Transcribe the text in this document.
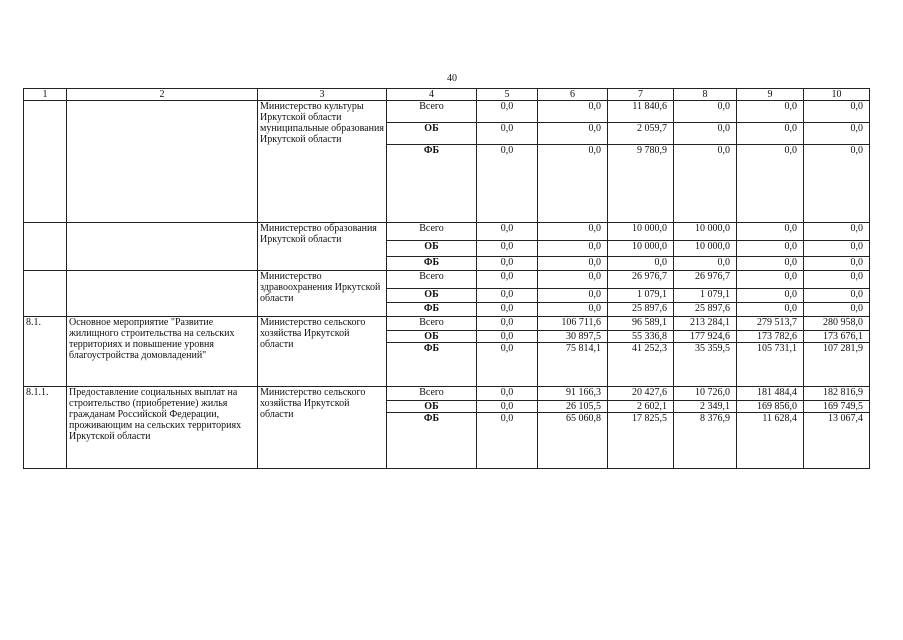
40
1	2	3	4	5	6	7	8	9	10
		Министерство культуры Иркутской области муниципальные образования Иркутской области	Всего	0,0	0,0	11 840,6	0,0	0,0	0,0
			ОБ	0,0	0,0	2 059,7	0,0	0,0	0,0
			ФБ	0,0	0,0	9 780,9	0,0	0,0	0,0
		Министерство образования Иркутской области	Всего	0,0	0,0	10 000,0	10 000,0	0,0	0,0
			ОБ	0,0	0,0	10 000,0	10 000,0	0,0	0,0
			ФБ	0,0	0,0	0,0	0,0	0,0	0,0
		Министерство здравоохранения Иркутской области	Всего	0,0	0,0	26 976,7	26 976,7	0,0	0,0
			ОБ	0,0	0,0	1 079,1	1 079,1	0,0	0,0
			ФБ	0,0	0,0	25 897,6	25 897,6	0,0	0,0
8.1.	Основное мероприятие "Развитие жилищного строительства на сельских территориях и повышение уровня благоустройства домовладений"	Министерство сельского хозяйства Иркутской области	Всего	0,0	106 711,6	96 589,1	213 284,1	279 513,7	280 958,0
			ОБ	0,0	30 897,5	55 336,8	177 924,6	173 782,6	173 676,1
			ФБ	0,0	75 814,1	41 252,3	35 359,5	105 731,1	107 281,9
8.1.1.	Предоставление социальных выплат на строительство (приобретение) жилья гражданам Российской Федерации, проживающим на сельских территориях Иркутской области	Министерство сельского хозяйства Иркутской области	Всего	0,0	91 166,3	20 427,6	10 726,0	181 484,4	182 816,9
			ОБ	0,0	26 105,5	2 602,1	2 349,1	169 856,0	169 749,5
			ФБ	0,0	65 060,8	17 825,5	8 376,9	11 628,4	13 067,4
